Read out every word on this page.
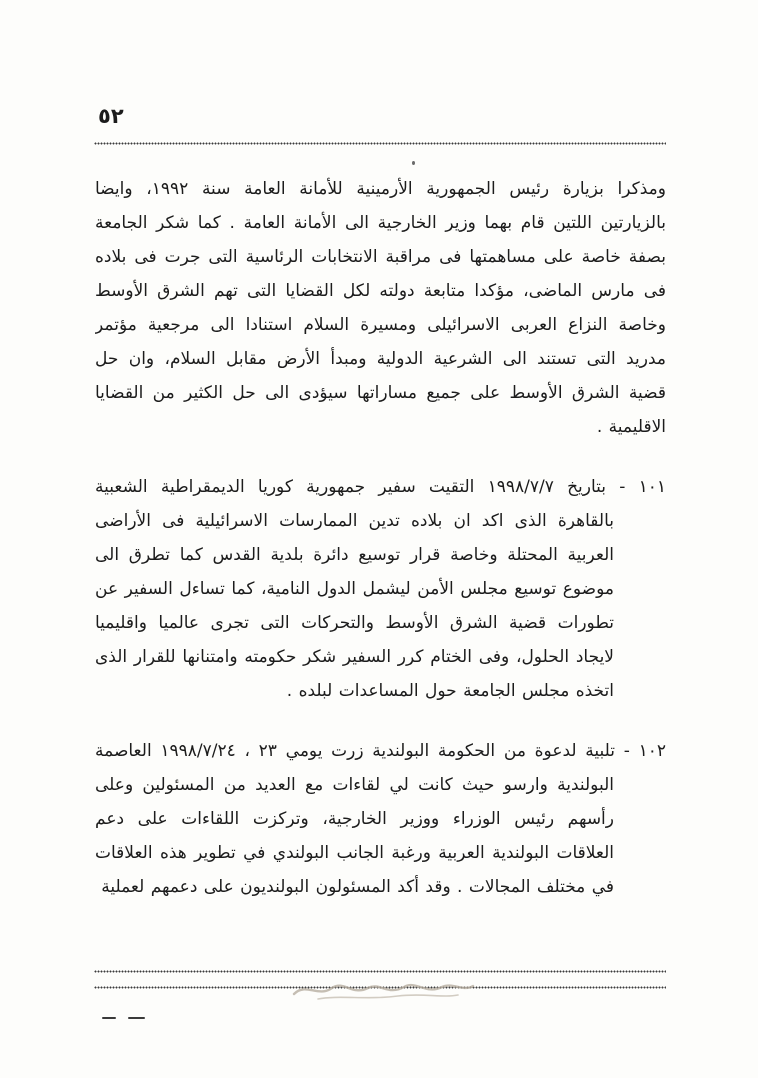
٥٢

ومذكرا بزيارة رئيس الجمهورية الأرمينية للأمانة العامة سنة ١٩٩٢، وايضا بالزيارتين اللتين قام بهما وزير الخارجية الى الأمانة العامة . كما شكر الجامعة بصفة خاصة على مساهمتها فى مراقبة الانتخابات الرئاسية التى جرت فى بلاده فى مارس الماضى، مؤكدا متابعة دولته لكل القضايا التى تهم الشرق الأوسط وخاصة النزاع العربى الاسرائيلى ومسيرة السلام استنادا الى مرجعية مؤتمر مدريد التى تستند الى الشرعية الدولية ومبدأ الأرض مقابل السلام، وان حل قضية الشرق الأوسط على جميع مساراتها سيؤدى الى حل الكثير من القضايا الاقليمية .

١٠١ - بتاريخ ١٩٩٨/٧/٧ التقيت سفير جمهورية كوريا الديمقراطية الشعبية بالقاهرة الذى اكد ان بلاده تدين الممارسات الاسرائيلية فى الأراضى العربية المحتلة وخاصة قرار توسيع دائرة بلدية القدس كما تطرق الى موضوع توسيع مجلس الأمن ليشمل الدول النامية، كما تساءل السفير عن تطورات قضية الشرق الأوسط والتحركات التى تجرى عالميا واقليميا لايجاد الحلول، وفى الختام كرر السفير شكر حكومته وامتنانها للقرار الذى اتخذه مجلس الجامعة حول المساعدات لبلده .

١٠٢ - تلبية لدعوة من الحكومة البولندية زرت يومي ٢٣ ، ١٩٩٨/٧/٢٤ العاصمة البولندية وارسو حيث كانت لي لقاءات مع العديد من المسئولين وعلى رأسهم رئيس الوزراء ووزير الخارجية، وتركزت اللقاءات على دعم العلاقات البولندية العربية ورغبة الجانب البولندي في تطوير هذه العلاقات في مختلف المجالات . وقد أكد المسئولون البولنديون على دعمهم لعملية
